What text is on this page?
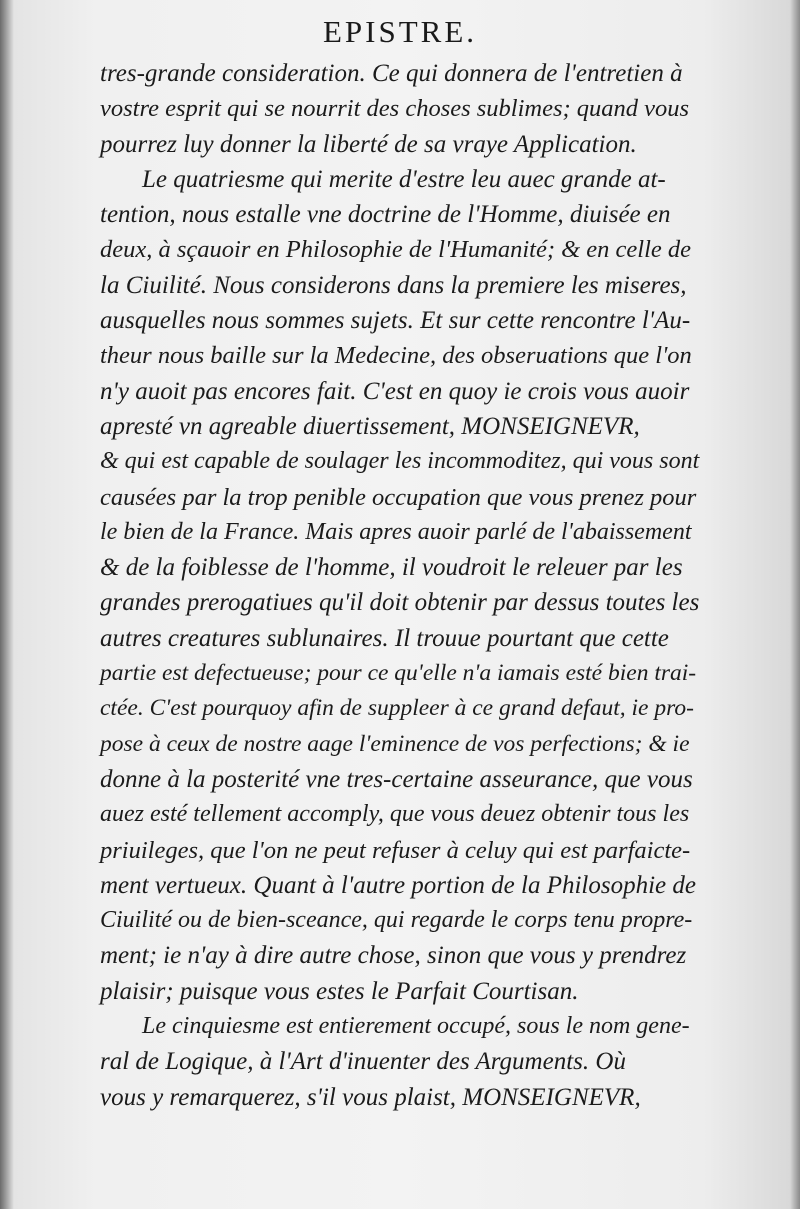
EPISTRE.
tres-grande consideration. Ce qui donnera de l'entretien à
vostre esprit qui se nourrit des choses sublimes; quand vous
pourrez luy donner la liberté de sa vraye Application.
Le quatriesme qui merite d'estre leu auec grande at-
tention, nous estalle vne doctrine de l'Homme, diuisée en
deux, à sçauoir en Philosophie de l'Humanité; & en celle de
la Ciuilité. Nous considerons dans la premiere les miseres,
ausquelles nous sommes sujets. Et sur cette rencontre l'Au-
theur nous baille sur la Medecine, des obseruations que l'on
n'y auoit pas encores fait. C'est en quoy ie crois vous auoir
apresté vn agreable diuertissement, MONSEIGNEVR,
& qui est capable de soulager les incommoditez, qui vous sont
causées par la trop penible occupation que vous prenez pour
le bien de la France. Mais apres auoir parlé de l'abaissement
& de la foiblesse de l'homme, il voudroit le releuer par les
grandes prerogatiues qu'il doit obtenir par dessus toutes les
autres creatures sublunaires. Il trouue pourtant que cette
partie est defectueuse; pour ce qu'elle n'a iamais esté bien trai-
ctée. C'est pourquoy afin de suppleer à ce grand defaut, ie pro-
pose à ceux de nostre aage l'eminence de vos perfections; & ie
donne à la posterité vne tres-certaine asseurance, que vous
auez esté tellement accomply, que vous deuez obtenir tous les
priuileges, que l'on ne peut refuser à celuy qui est parfaicte-
ment vertueux. Quant à l'autre portion de la Philosophie de
Ciuilité ou de bien-sceance, qui regarde le corps tenu propre-
ment; ie n'ay à dire autre chose, sinon que vous y prendrez
plaisir; puisque vous estes le Parfait Courtisan.
Le cinquiesme est entierement occupé, sous le nom gene-
ral de Logique, à l'Art d'inuenter des Arguments. Où
vous y remarquerez, s'il vous plaist, MONSEIGNEVR,
